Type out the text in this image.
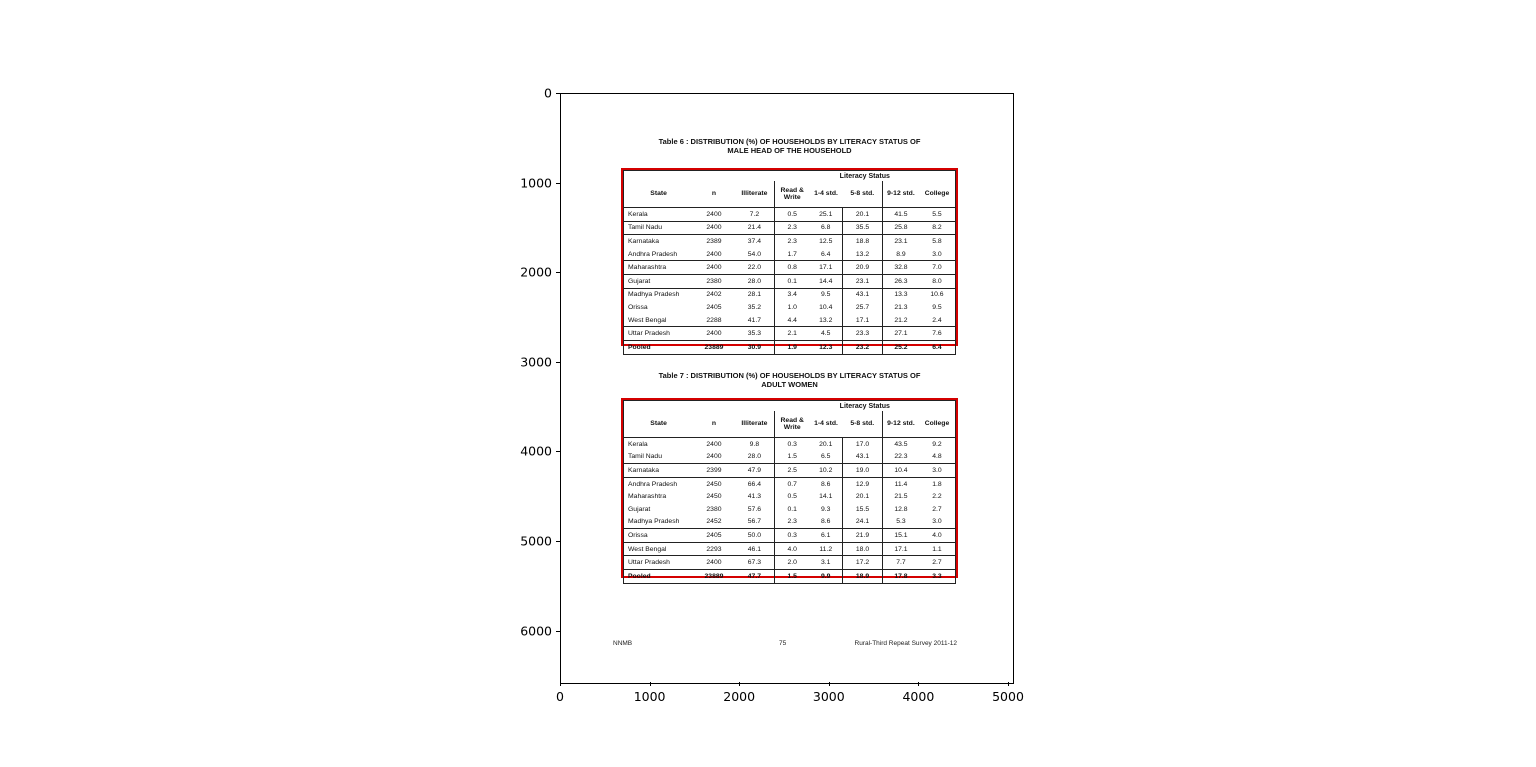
Table 6 : DISTRIBUTION (%) OF HOUSEHOLDS BY LITERACY STATUS OF
MALE HEAD OF THE HOUSEHOLD
			Literacy Status				
State	n	Illiterate	Read & Write	1-4 std.	5-8 std.	9-12 std.	College
Kerala	2400	7.2	0.5	25.1	20.1	41.5	5.5
Tamil Nadu	2400	21.4	2.3	6.8	35.5	25.8	8.2
Karnataka	2389	37.4	2.3	12.5	18.8	23.1	5.8
Andhra Pradesh	2400	54.0	1.7	6.4	13.2	8.9	3.0
Maharashtra	2400	22.0	0.8	17.1	20.9	32.8	7.0
Gujarat	2380	28.0	0.1	14.4	23.1	26.3	8.0
Madhya Pradesh	2402	28.1	3.4	9.5	43.1	13.3	10.6
Orissa	2405	35.2	1.0	10.4	25.7	21.3	9.5
West Bengal	2288	41.7	4.4	13.2	17.1	21.2	2.4
Uttar Pradesh	2400	35.3	2.1	4.5	23.3	27.1	7.6
Pooled	23889	30.9	1.9	12.3	23.2	25.2	6.4
Table 7 : DISTRIBUTION (%) OF HOUSEHOLDS BY LITERACY STATUS OF
ADULT WOMEN
			Literacy Status				
State	n	Illiterate	Read & Write	1-4 std.	5-8 std.	9-12 std.	College
Kerala	2400	9.8	0.3	20.1	17.0	43.5	9.2
Tamil Nadu	2400	28.0	1.5	6.5	43.1	22.3	4.8
Karnataka	2399	47.9	2.5	10.2	19.0	10.4	3.0
Andhra Pradesh	2450	66.4	0.7	8.6	12.9	11.4	1.8
Maharashtra	2450	41.3	0.5	14.1	20.1	21.5	2.2
Gujarat	2380	57.6	0.1	9.3	15.5	12.8	2.7
Madhya Pradesh	2452	56.7	2.3	8.6	24.1	5.3	3.0
Orissa	2405	50.0	0.3	6.1	21.9	15.1	4.0
West Bengal	2293	46.1	4.0	11.2	18.0	17.1	1.1
Uttar Pradesh	2400	67.3	2.0	3.1	17.2	7.7	2.7
Pooled	23889	47.7	1.5	9.9	18.9	17.8	3.3
NNMB	75	Rural-Third Repeat Survey 2011-12
0
1000
2000
3000
4000
5000
6000
0	1000	2000	3000	4000	5000
